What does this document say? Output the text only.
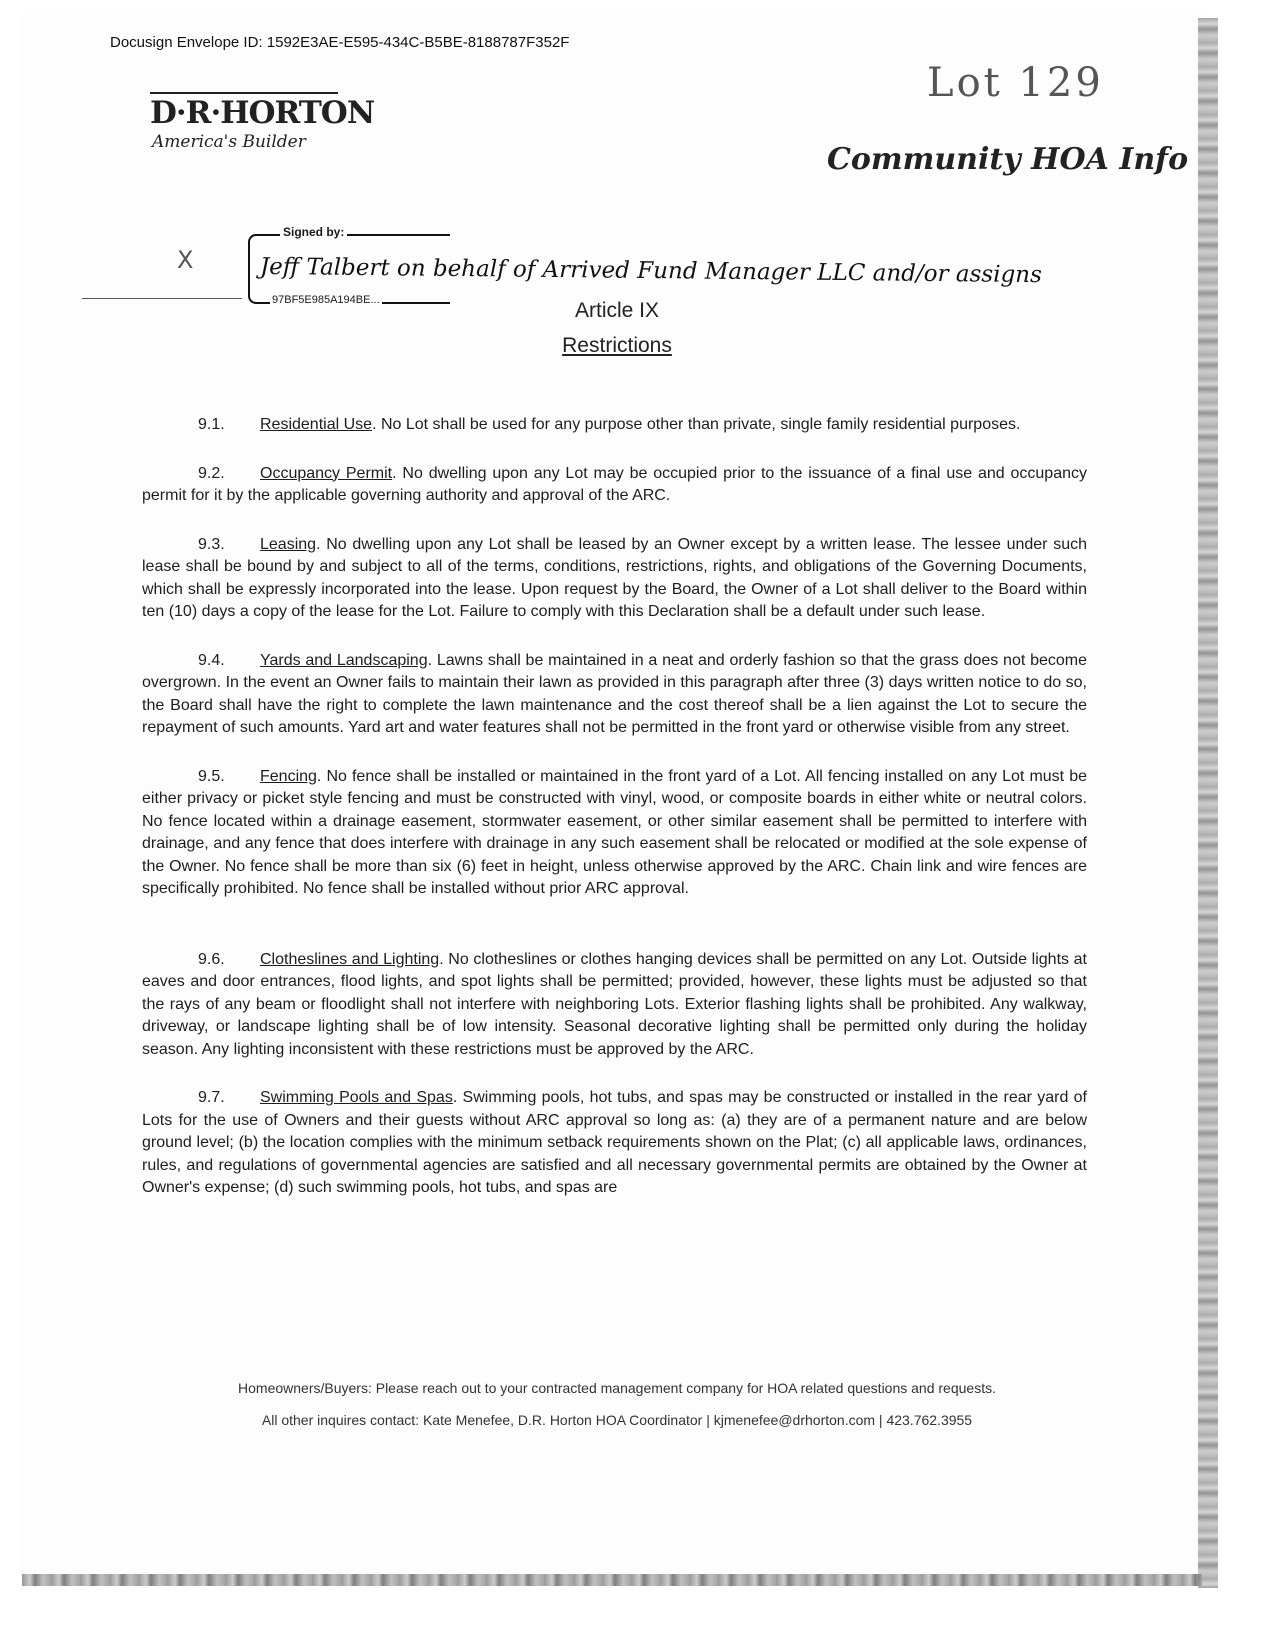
Docusign Envelope ID: 1592E3AE-E595-434C-B5BE-8188787F352F
D·R·HORTON
America's Builder
Lot 129
Community HOA Info
X
Signed by:
Jeff Talbert on behalf of Arrived Fund Manager LLC and/or assigns
97BF5E985A194BE...	Article IX
Restrictions

9.1. Residential Use. No Lot shall be used for any purpose other than private, single family residential purposes.

9.2. Occupancy Permit. No dwelling upon any Lot may be occupied prior to the issuance of a final use and occupancy permit for it by the applicable governing authority and approval of the ARC.

9.3. Leasing. No dwelling upon any Lot shall be leased by an Owner except by a written lease. The lessee under such lease shall be bound by and subject to all of the terms, conditions, restrictions, rights, and obligations of the Governing Documents, which shall be expressly incorporated into the lease. Upon request by the Board, the Owner of a Lot shall deliver to the Board within ten (10) days a copy of the lease for the Lot. Failure to comply with this Declaration shall be a default under such lease.

9.4. Yards and Landscaping. Lawns shall be maintained in a neat and orderly fashion so that the grass does not become overgrown. In the event an Owner fails to maintain their lawn as provided in this paragraph after three (3) days written notice to do so, the Board shall have the right to complete the lawn maintenance and the cost thereof shall be a lien against the Lot to secure the repayment of such amounts. Yard art and water features shall not be permitted in the front yard or otherwise visible from any street.

9.5. Fencing. No fence shall be installed or maintained in the front yard of a Lot. All fencing installed on any Lot must be either privacy or picket style fencing and must be constructed with vinyl, wood, or composite boards in either white or neutral colors. No fence located within a drainage easement, stormwater easement, or other similar easement shall be permitted to interfere with drainage, and any fence that does interfere with drainage in any such easement shall be relocated or modified at the sole expense of the Owner. No fence shall be more than six (6) feet in height, unless otherwise approved by the ARC. Chain link and wire fences are specifically prohibited. No fence shall be installed without prior ARC approval.

9.6. Clotheslines and Lighting. No clotheslines or clothes hanging devices shall be permitted on any Lot. Outside lights at eaves and door entrances, flood lights, and spot lights shall be permitted; provided, however, these lights must be adjusted so that the rays of any beam or floodlight shall not interfere with neighboring Lots. Exterior flashing lights shall be prohibited. Any walkway, driveway, or landscape lighting shall be of low intensity. Seasonal decorative lighting shall be permitted only during the holiday season. Any lighting inconsistent with these restrictions must be approved by the ARC.

9.7. Swimming Pools and Spas. Swimming pools, hot tubs, and spas may be constructed or installed in the rear yard of Lots for the use of Owners and their guests without ARC approval so long as: (a) they are of a permanent nature and are below ground level; (b) the location complies with the minimum setback requirements shown on the Plat; (c) all applicable laws, ordinances, rules, and regulations of governmental agencies are satisfied and all necessary governmental permits are obtained by the Owner at Owner's expense; (d) such swimming pools, hot tubs, and spas are

Homeowners/Buyers: Please reach out to your contracted management company for HOA related questions and requests.
All other inquires contact: Kate Menefee, D.R. Horton HOA Coordinator | kjmenefee@drhorton.com | 423.762.3955
